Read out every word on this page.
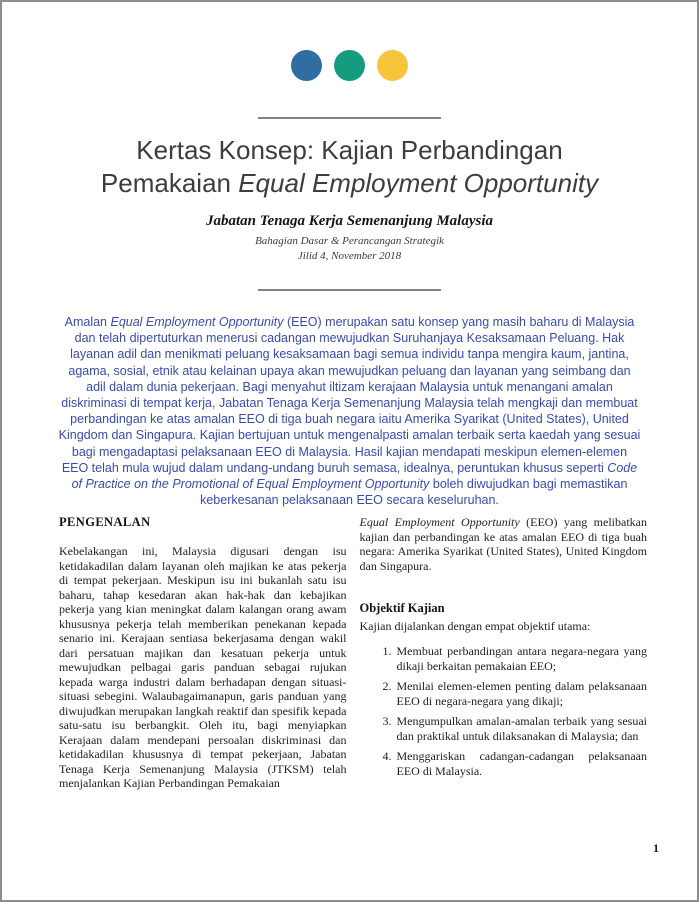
Kertas Konsep: Kajian Perbandingan
Pemakaian Equal Employment Opportunity
Jabatan Tenaga Kerja Semenanjung Malaysia
Bahagian Dasar & Perancangan Strategik
Jilid 4, November 2018
Amalan Equal Employment Opportunity (EEO) merupakan satu konsep yang masih baharu di Malaysia dan telah dipertuturkan menerusi cadangan mewujudkan Suruhanjaya Kesaksamaan Peluang. Hak layanan adil dan menikmati peluang kesaksamaan bagi semua individu tanpa mengira kaum, jantina, agama, sosial, etnik atau kelainan upaya akan mewujudkan peluang dan layanan yang seimbang dan adil dalam dunia pekerjaan. Bagi menyahut iltizam kerajaan Malaysia untuk menangani amalan diskriminasi di tempat kerja, Jabatan Tenaga Kerja Semenanjung Malaysia telah mengkaji dan membuat perbandingan ke atas amalan EEO di tiga buah negara iaitu Amerika Syarikat (United States), United Kingdom dan Singapura. Kajian bertujuan untuk mengenalpasti amalan terbaik serta kaedah yang sesuai bagi mengadaptasi pelaksanaan EEO di Malaysia. Hasil kajian mendapati meskipun elemen-elemen EEO telah mula wujud dalam undang-undang buruh semasa, idealnya, peruntukan khusus seperti Code of Practice on the Promotional of Equal Employment Opportunity boleh diwujudkan bagi memastikan keberkesanan pelaksanaan EEO secara keseluruhan.
PENGENALAN

Kebelakangan ini, Malaysia digusari dengan isu ketidakadilan dalam layanan oleh majikan ke atas pekerja di tempat pekerjaan. Meskipun isu ini bukanlah satu isu baharu, tahap kesedaran akan hak-hak dan kebajikan pekerja yang kian meningkat dalam kalangan orang awam khususnya pekerja telah memberikan penekanan kepada senario ini. Kerajaan sentiasa bekerjasama dengan wakil dari persatuan majikan dan kesatuan pekerja untuk mewujudkan pelbagai garis panduan sebagai rujukan kepada warga industri dalam berhadapan dengan situasi-situasi sebegini. Walaubagaimanapun, garis panduan yang diwujudkan merupakan langkah reaktif dan spesifik kepada satu-satu isu berbangkit. Oleh itu, bagi menyiapkan Kerajaan dalam mendepani persoalan diskriminasi dan ketidakadilan khususnya di tempat pekerjaan, Jabatan Tenaga Kerja Semenanjung Malaysia (JTKSM) telah menjalankan Kajian Perbandingan Pemakaian

Equal Employment Opportunity (EEO) yang melibatkan kajian dan perbandingan ke atas amalan EEO di tiga buah negara: Amerika Syarikat (United States), United Kingdom dan Singapura.

Objektif Kajian

Kajian dijalankan dengan empat objektif utama:

1. Membuat perbandingan antara negara-negara yang dikaji berkaitan pemakaian EEO;
2. Menilai elemen-elemen penting dalam pelaksanaan EEO di negara-negara yang dikaji;
3. Mengumpulkan amalan-amalan terbaik yang sesuai dan praktikal untuk dilaksanakan di Malaysia; dan
4. Menggariskan cadangan-cadangan pelaksanaan EEO di Malaysia.
1
